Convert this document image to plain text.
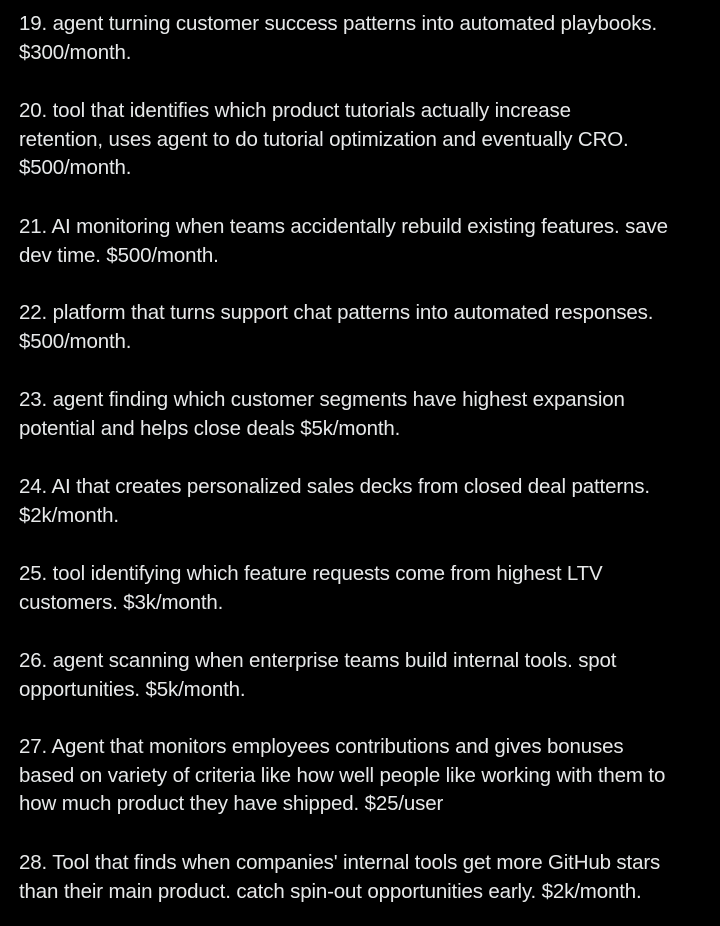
19. agent turning customer success patterns into automated playbooks.
$300/month.
20. tool that identifies which product tutorials actually increase
retention, uses agent to do tutorial optimization and eventually CRO.
$500/month.
21. AI monitoring when teams accidentally rebuild existing features. save
dev time. $500/month.
22. platform that turns support chat patterns into automated responses.
$500/month.
23. agent finding which customer segments have highest expansion
potential and helps close deals $5k/month.
24. AI that creates personalized sales decks from closed deal patterns.
$2k/month.
25. tool identifying which feature requests come from highest LTV
customers. $3k/month.
26. agent scanning when enterprise teams build internal tools. spot
opportunities. $5k/month.
27. Agent that monitors employees contributions and gives bonuses
based on variety of criteria like how well people like working with them to
how much product they have shipped. $25/user
28. Tool that finds when companies' internal tools get more GitHub stars
than their main product. catch spin-out opportunities early. $2k/month.
